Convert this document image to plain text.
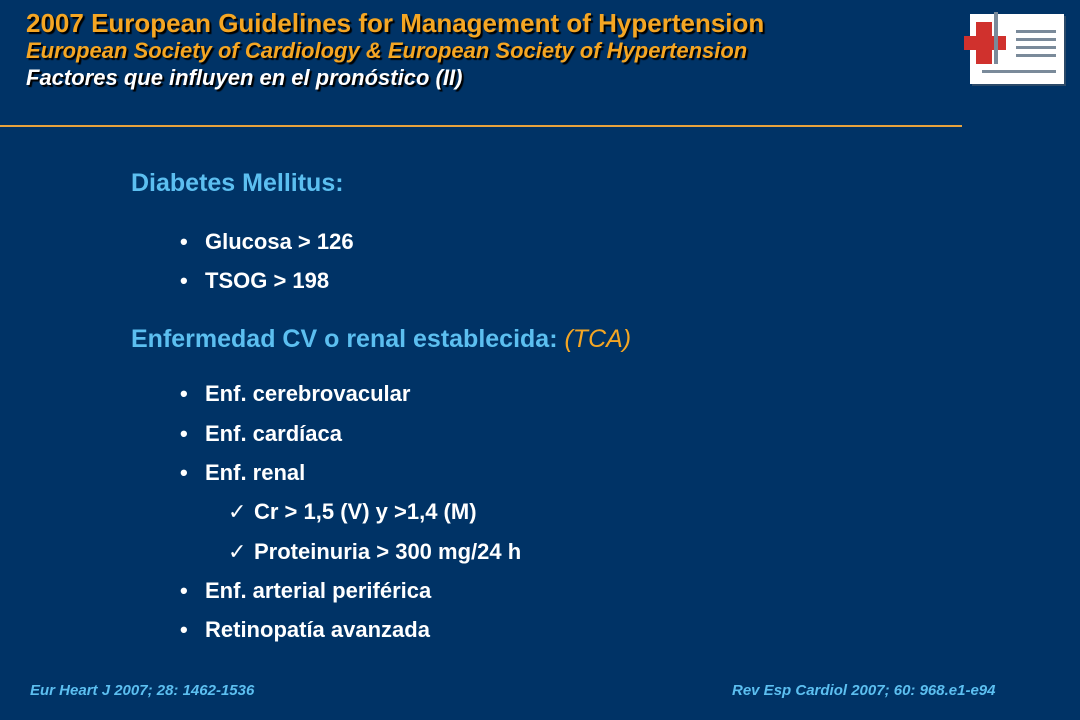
2007 European Guidelines for Management of Hypertension

European Society of Cardiology & European Society of Hypertension

Factores que influyen en el pronóstico (II)

Diabetes Mellitus:
• Glucosa > 126
• TSOG > 198
Enfermedad CV o renal establecida: (TCA)
• Enf. cerebrovacular
• Enf. cardíaca
• Enf. renal
✓ Cr > 1,5 (V) y >1,4 (M)
✓ Proteinuria > 300 mg/24 h
• Enf. arterial periférica
• Retinopatía avanzada
Eur Heart J 2007; 28: 1462-1536	Rev Esp Cardiol 2007; 60: 968.e1-e94
